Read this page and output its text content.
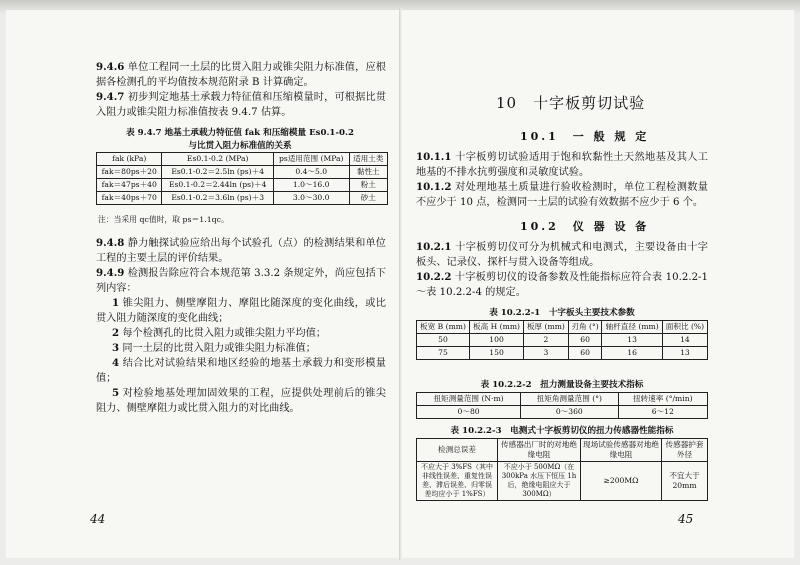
9.4.6 单位工程同一土层的比贯入阻力或锥尖阻力标准值，应根据各检测孔的平均值按本规范附录 B 计算确定。
9.4.7 初步判定地基土承载力特征值和压缩模量时，可根据比贯入阻力或锥尖阻力标准值按表 9.4.7 估算。
表 9.4.7 地基土承载力特征值 fak 和压缩模量 Es0.1-0.2
与比贯入阻力标准值的关系
fak (kPa)	Es0.1-0.2 (MPa)	ps适用范围 (MPa)	适用土类
fak＝80ps＋20	Es0.1-0.2＝2.5ln (ps)＋4	0.4～5.0	黏性土
fak＝47ps＋40	Es0.1-0.2＝2.44ln (ps)＋4	1.0～16.0	粉土
fak＝40ps＋70	Es0.1-0.2＝3.6ln (ps)＋3	3.0～30.0	砂土
注：当采用 qc值时，取 ps＝1.1qc。
9.4.8 静力触探试验应给出每个试验孔（点）的检测结果和单位工程的主要土层的评价结果。
9.4.9 检测报告除应符合本规范第 3.3.2 条规定外，尚应包括下列内容：
1 锥尖阻力、侧壁摩阻力、摩阻比随深度的变化曲线，或比贯入阻力随深度的变化曲线；
2 每个检测孔的比贯入阻力或锥尖阻力平均值；
3 同一土层的比贯入阻力或锥尖阻力标准值；
4 结合比对试验结果和地区经验的地基土承载力和变形模量值；
5 对检验地基处理加固效果的工程，应提供处理前后的锥尖阻力、侧壁摩阻力或比贯入阻力的对比曲线。
44
10　十字板剪切试验
10.1　一 般 规 定
10.1.1 十字板剪切试验适用于饱和软黏性土天然地基及其人工地基的不排水抗剪强度和灵敏度试验。
10.1.2 对处理地基土质量进行验收检测时，单位工程检测数量不应少于 10 点，检测同一土层的试验有效数据不应少于 6 个。
10.2　仪 器 设 备
10.2.1 十字板剪切仪可分为机械式和电测式，主要设备由十字板头、记录仪、探杆与贯入设备等组成。
10.2.2 十字板剪切仪的设备参数及性能指标应符合表 10.2.2-1～表 10.2.2-4 的规定。
表 10.2.2-1　十字板头主要技术参数
板宽 B (mm)	板高 H (mm)	板厚 (mm)	刃角 (°)	轴杆直径 (mm)	面积比 (%)
50	100	2	60	13	14
75	150	3	60	16	13
表 10.2.2-2　扭力测量设备主要技术指标
扭矩测量范围 (N·m)	扭矩角测量范围 (°)	扭转速率 (°/min)
0～80	0～360	6～12
表 10.2.2-3　电测式十字板剪切仪的扭力传感器性能指标
检测总误差	传感器出厂时的对地绝缘电阻	现场试验传感器对地绝缘电阻	传感器护套外径
不应大于 3%FS（其中非线性误差、重复性误差、滞后误差、归零误差均应小于 1%FS）	不应小于 500MΩ（在 300kPa 水压下恒压 1h 后，绝缘电阻应大于 300MΩ）	≥200MΩ	不宜大于 20mm
45
